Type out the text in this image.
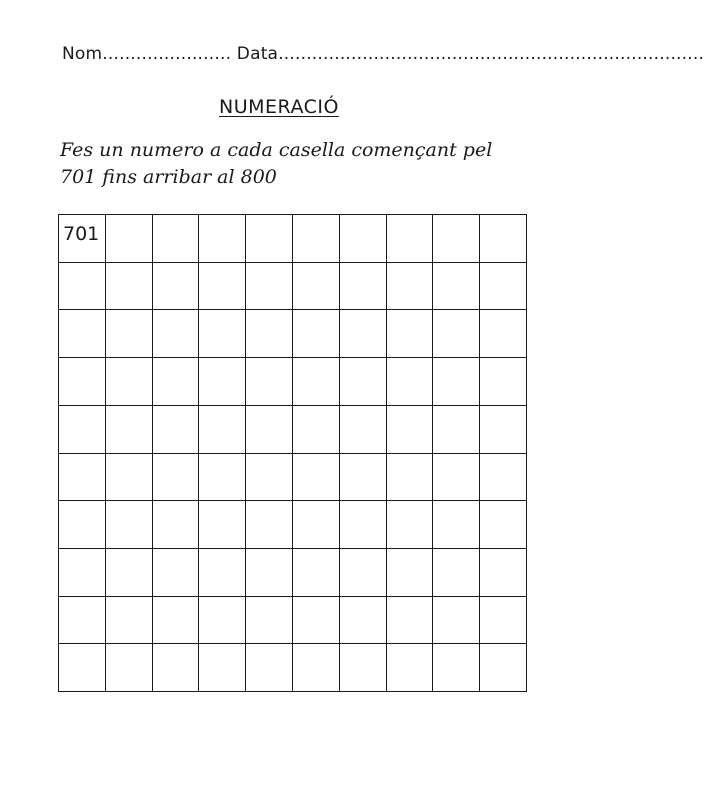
Nom....................... Data............................................................................
NUMERACIÓ
Fes un numero a cada casella començant pel
701 fins arribar al 800
701
